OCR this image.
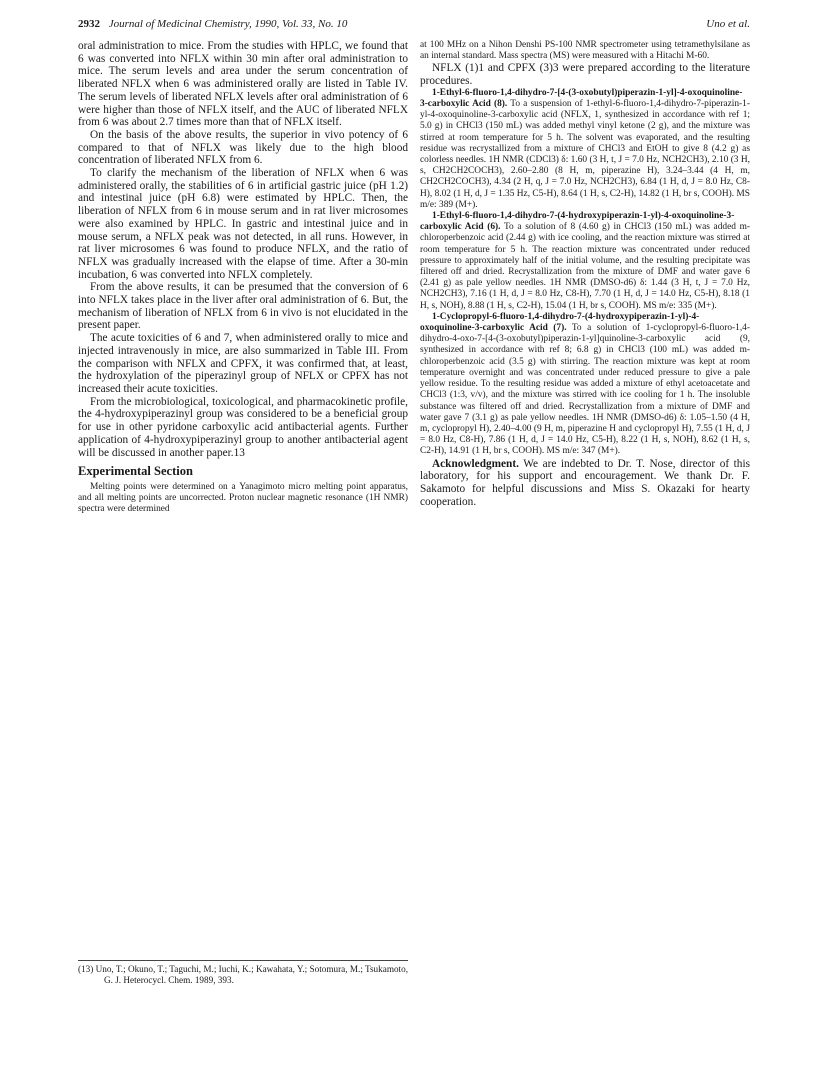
2932 Journal of Medicinal Chemistry, 1990, Vol. 33, No. 10	Uno et al.

oral administration to mice. From the studies with HPLC, we found that 6 was converted into NFLX within 30 min after oral administration to mice. The serum levels and area under the serum concentration of liberated NFLX when 6 was administered orally are listed in Table IV. The serum levels of liberated NFLX levels after oral administration of 6 were higher than those of NFLX itself, and the AUC of liberated NFLX from 6 was about 2.7 times more than that of NFLX itself.

On the basis of the above results, the superior in vivo potency of 6 compared to that of NFLX was likely due to the high blood concentration of liberated NFLX from 6.

To clarify the mechanism of the liberation of NFLX when 6 was administered orally, the stabilities of 6 in artificial gastric juice (pH 1.2) and intestinal juice (pH 6.8) were estimated by HPLC. Then, the liberation of NFLX from 6 in mouse serum and in rat liver microsomes were also examined by HPLC. In gastric and intestinal juice and in mouse serum, a NFLX peak was not detected, in all runs. However, in rat liver microsomes 6 was found to produce NFLX, and the ratio of NFLX was gradually increased with the elapse of time. After a 30-min incubation, 6 was converted into NFLX completely.

From the above results, it can be presumed that the conversion of 6 into NFLX takes place in the liver after oral administration of 6. But, the mechanism of liberation of NFLX from 6 in vivo is not elucidated in the present paper.

The acute toxicities of 6 and 7, when administered orally to mice and injected intravenously in mice, are also summarized in Table III. From the comparison with NFLX and CPFX, it was confirmed that, at least, the hydroxylation of the piperazinyl group of NFLX or CPFX has not increased their acute toxicities.

From the microbiological, toxicological, and pharmacokinetic profile, the 4-hydroxypiperazinyl group was considered to be a beneficial group for use in other pyridone carboxylic acid antibacterial agents. Further application of 4-hydroxypiperazinyl group to another antibacterial agent will be discussed in another paper.13

Experimental Section

Melting points were determined on a Yanagimoto micro melting point apparatus, and all melting points are uncorrected. Proton nuclear magnetic resonance (1H NMR) spectra were determined

(13) Uno, T.; Okuno, T.; Taguchi, M.; Iuchi, K.; Kawahata, Y.; Sotomura, M.; Tsukamoto, G. J. Heterocycl. Chem. 1989, 393.

at 100 MHz on a Nihon Denshi PS-100 NMR spectrometer using tetramethylsilane as an internal standard. Mass spectra (MS) were measured with a Hitachi M-60.

NFLX (1)1 and CPFX (3)3 were prepared according to the literature procedures.

1-Ethyl-6-fluoro-1,4-dihydro-7-[4-(3-oxobutyl)piperazin-1-yl]-4-oxoquinoline-3-carboxylic Acid (8). To a suspension of 1-ethyl-6-fluoro-1,4-dihydro-7-piperazin-1-yl-4-oxoquinoline-3-carboxylic acid (NFLX, 1, synthesized in accordance with ref 1; 5.0 g) in CHCl3 (150 mL) was added methyl vinyl ketone (2 g), and the mixture was stirred at room temperature for 5 h. The solvent was evaporated, and the resulting residue was recrystallized from a mixture of CHCl3 and EtOH to give 8 (4.2 g) as colorless needles. 1H NMR (CDCl3) δ: 1.60 (3 H, t, J = 7.0 Hz, NCH2CH3), 2.10 (3 H, s, CH2CH2COCH3), 2.60–2.80 (8 H, m, piperazine H), 3.24–3.44 (4 H, m, CH2CH2COCH3), 4.34 (2 H, q, J = 7.0 Hz, NCH2CH3), 6.84 (1 H, d, J = 8.0 Hz, C8-H), 8.02 (1 H, d, J = 1.35 Hz, C5-H), 8.64 (1 H, s, C2-H), 14.82 (1 H, br s, COOH). MS m/e: 389 (M+).

1-Ethyl-6-fluoro-1,4-dihydro-7-(4-hydroxypiperazin-1-yl)-4-oxoquinoline-3-carboxylic Acid (6). To a solution of 8 (4.60 g) in CHCl3 (150 mL) was added m-chloroperbenzoic acid (2.44 g) with ice cooling, and the reaction mixture was stirred at room temperature for 5 h. The reaction mixture was concentrated under reduced pressure to approximately half of the initial volume, and the resulting precipitate was filtered off and dried. Recrystallization from the mixture of DMF and water gave 6 (2.41 g) as pale yellow needles. 1H NMR (DMSO-d6) δ: 1.44 (3 H, t, J = 7.0 Hz, NCH2CH3), 7.16 (1 H, d, J = 8.0 Hz, C8-H), 7.70 (1 H, d, J = 14.0 Hz, C5-H), 8.18 (1 H, s, NOH), 8.88 (1 H, s, C2-H), 15.04 (1 H, br s, COOH). MS m/e: 335 (M+).

1-Cyclopropyl-6-fluoro-1,4-dihydro-7-(4-hydroxypiperazin-1-yl)-4-oxoquinoline-3-carboxylic Acid (7). To a solution of 1-cyclopropyl-6-fluoro-1,4-dihydro-4-oxo-7-[4-(3-oxobutyl)piperazin-1-yl]quinoline-3-carboxylic acid (9, synthesized in accordance with ref 8; 6.8 g) in CHCl3 (100 mL) was added m-chloroperbenzoic acid (3.5 g) with stirring. The reaction mixture was kept at room temperature overnight and was concentrated under reduced pressure to give a pale yellow residue. To the resulting residue was added a mixture of ethyl acetoacetate and CHCl3 (1:3, v/v), and the mixture was stirred with ice cooling for 1 h. The insoluble substance was filtered off and dried. Recrystallization from a mixture of DMF and water gave 7 (3.1 g) as pale yellow needles. 1H NMR (DMSO-d6) δ: 1.05–1.50 (4 H, m, cyclopropyl H), 2.40–4.00 (9 H, m, piperazine H and cyclopropyl H), 7.55 (1 H, d, J = 8.0 Hz, C8-H), 7.86 (1 H, d, J = 14.0 Hz, C5-H), 8.22 (1 H, s, NOH), 8.62 (1 H, s, C2-H), 14.91 (1 H, br s, COOH). MS m/e: 347 (M+).

Acknowledgment. We are indebted to Dr. T. Nose, director of this laboratory, for his support and encouragement. We thank Dr. F. Sakamoto for helpful discussions and Miss S. Okazaki for hearty cooperation.
